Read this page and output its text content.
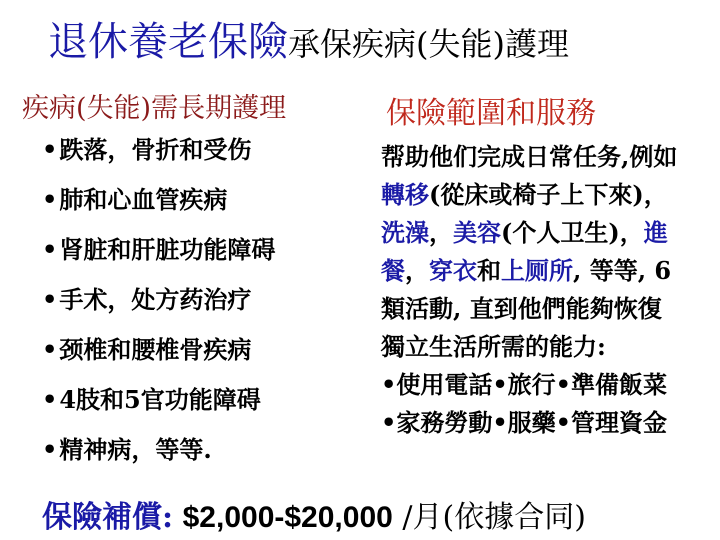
退休養老保險承保疾病(失能)護理
疾病(失能)需長期護理	保險範圍和服務
•跌落，骨折和受伤
•肺和心血管疾病
•肾脏和肝脏功能障碍
•手术，处方药治疗
•颈椎和腰椎骨疾病
•4肢和5官功能障碍
•精神病，等等.
帮助他们完成日常任务,例如轉移(從床或椅子上下來)，洗澡，美容(个人卫生)，進餐，穿衣和上厕所, 等等, 6類活動, 直到他們能夠恢復獨立生活所需的能力:
•使用電話•旅行•準備飯菜•家務勞動•服藥•管理資金
保險補償: $2,000-$20,000 /月(依據合同)
